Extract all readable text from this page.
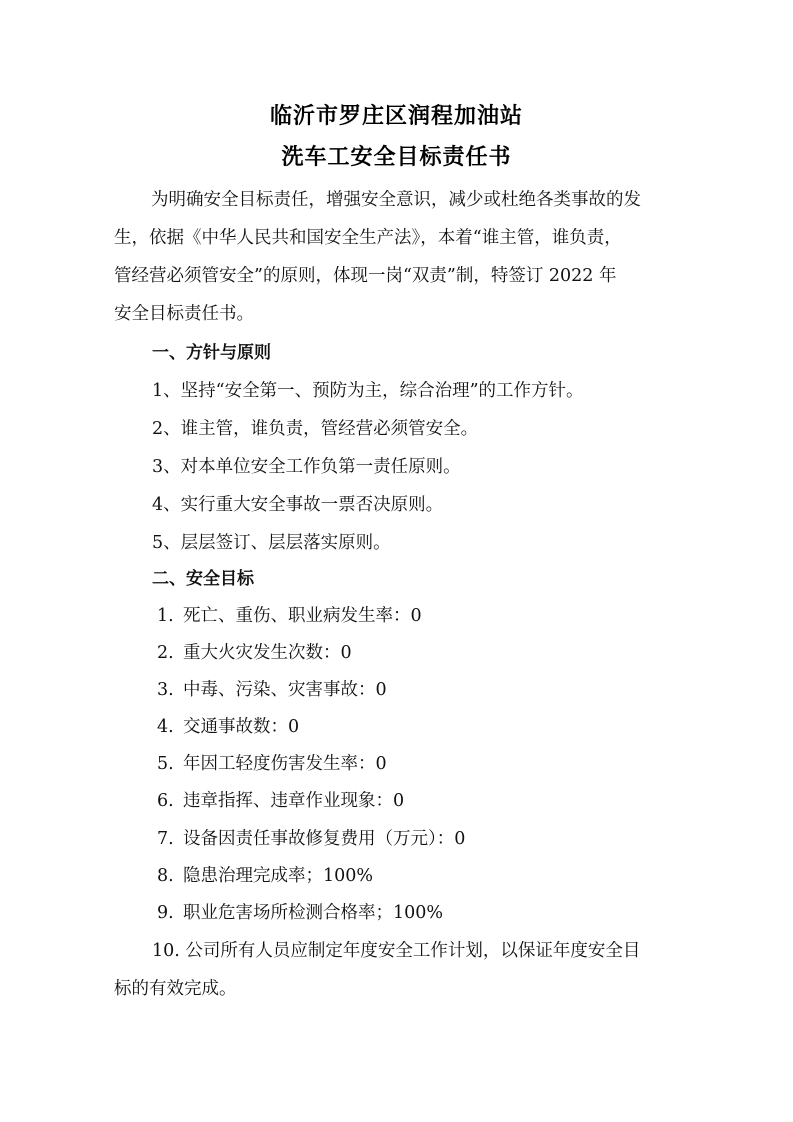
临沂市罗庄区润程加油站
洗车工安全目标责任书
为明确安全目标责任，增强安全意识，减少或杜绝各类事故的发
生，依据《中华人民共和国安全生产法》，本着“谁主管，谁负责，
管经营必须管安全”的原则，体现一岗“双责”制，特签订 2022 年
安全目标责任书。
一、方针与原则
1、坚持“安全第一、预防为主，综合治理”的工作方针。
2、谁主管，谁负责，管经营必须管安全。
3、对本单位安全工作负第一责任原则。
4、实行重大安全事故一票否决原则。
5、层层签订、层层落实原则。
二、安全目标
1. 死亡、重伤、职业病发生率：0
2. 重大火灾发生次数：0
3. 中毒、污染、灾害事故：0
4. 交通事故数：0
5. 年因工轻度伤害发生率：0
6. 违章指挥、违章作业现象：0
7. 设备因责任事故修复费用（万元）：0
8. 隐患治理完成率；100%
9. 职业危害场所检测合格率；100%
10. 公司所有人员应制定年度安全工作计划，以保证年度安全目
标的有效完成。
